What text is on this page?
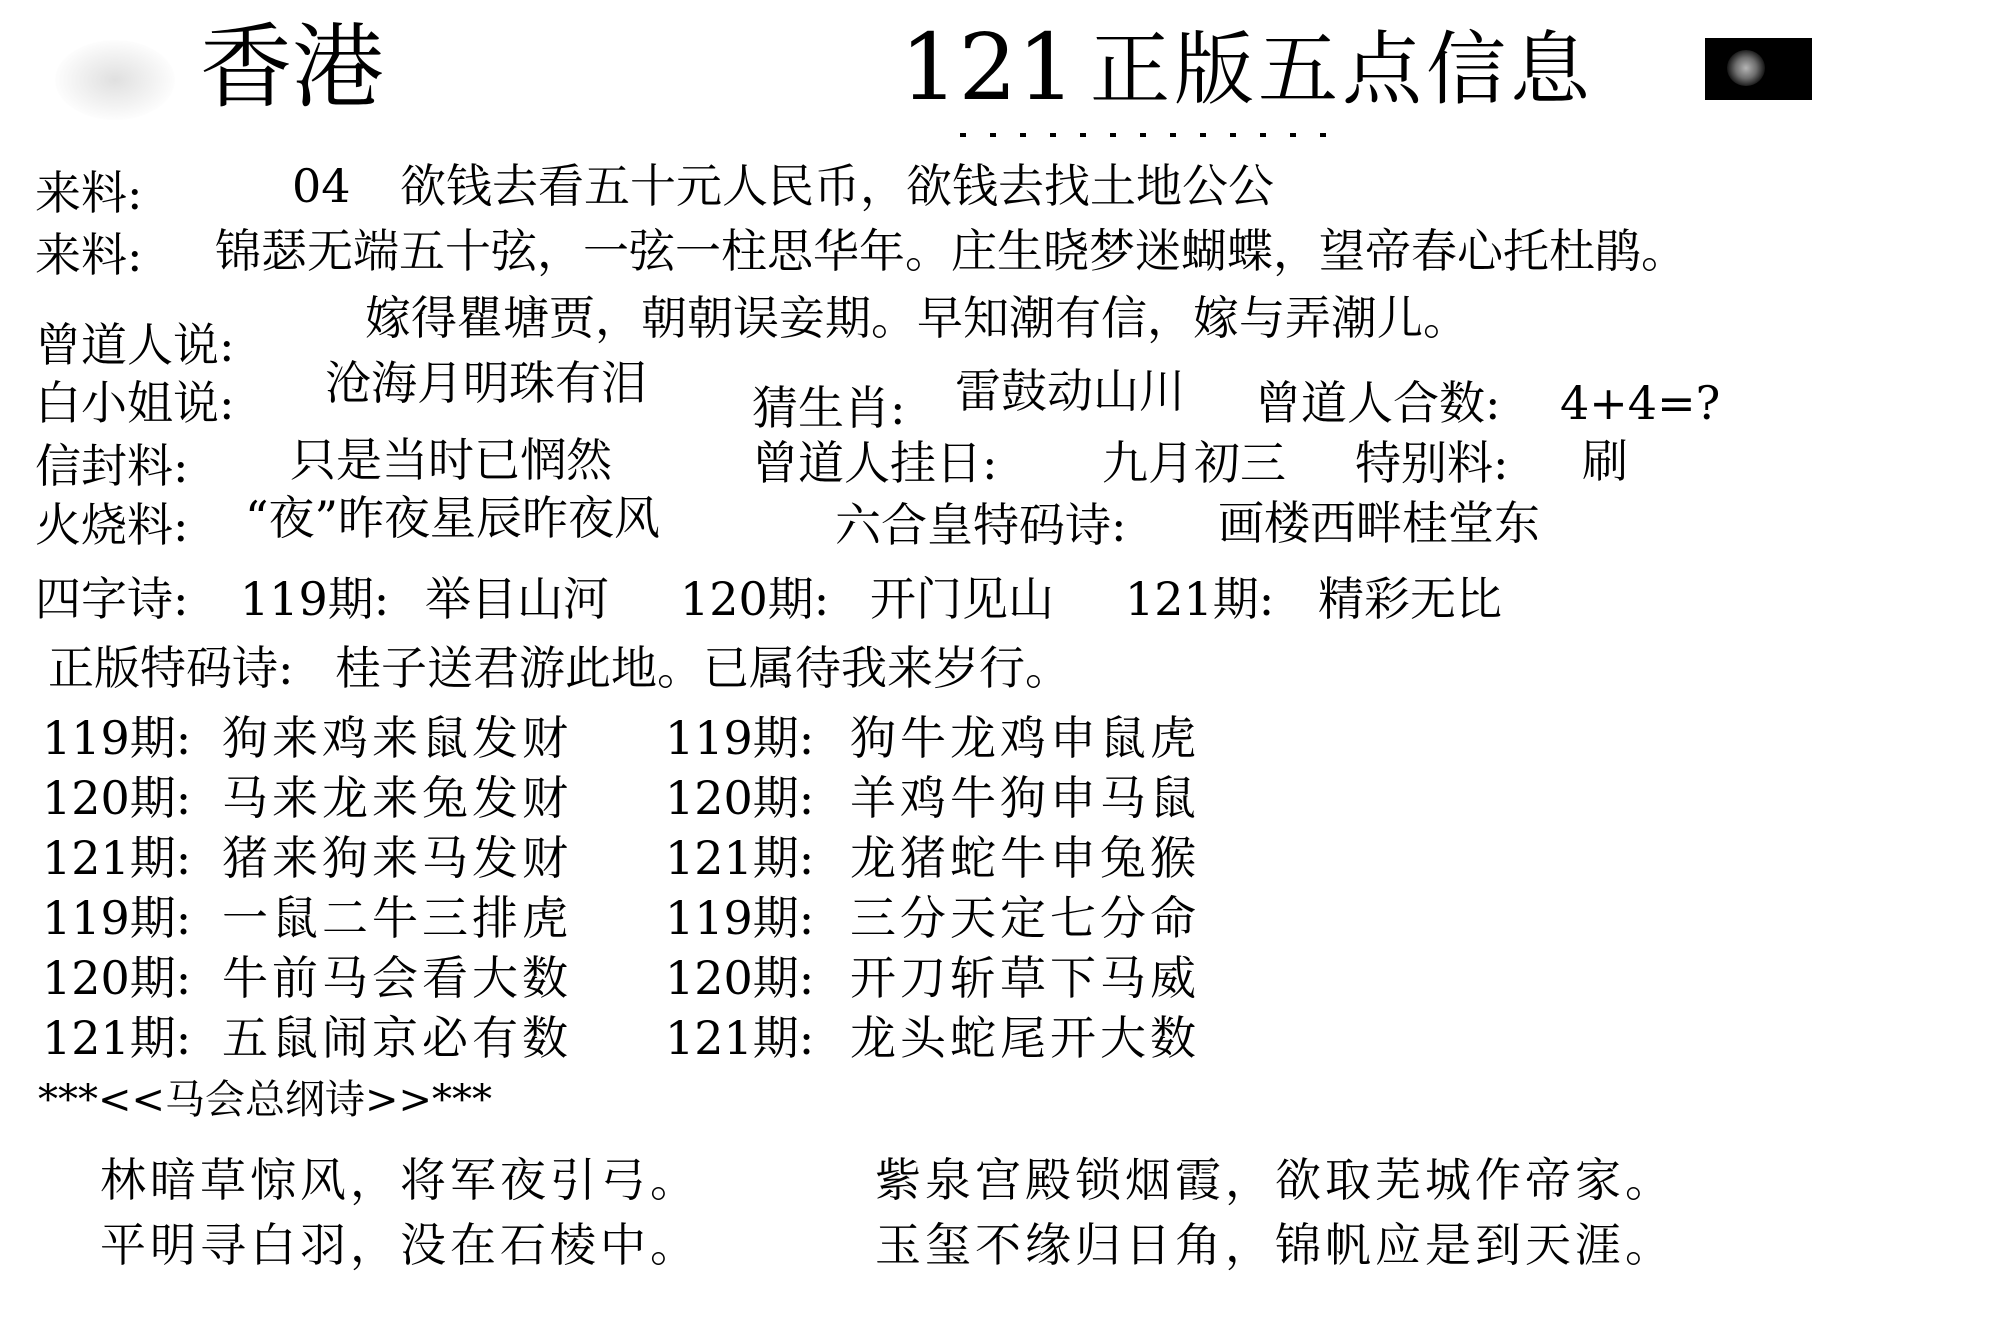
香港	121 正版五点信息
来料:	04 欲钱去看五十元人民币，欲钱去找土地公公
来料: 锦瑟无端五十弦，一弦一柱思华年。庄生晓梦迷蝴蝶，望帝春心托杜鹃。
曾道人说:	嫁得瞿塘贾，朝朝误妾期。早知潮有信，嫁与弄潮儿。
白小姐说: 沧海月明珠有泪 猜生肖: 雷鼓动山川 曾道人合数: 4+4=?
信封料: 只是当时已惘然	曾道人挂日: 九月初三 特别料: 刷
火烧料: “夜”昨夜星辰昨夜风	六合皇特码诗: 画楼西畔桂堂东
四字诗: 119期: 举目山河 120期: 开门见山 121期: 精彩无比
正版特码诗: 桂子送君游此地。已属待我来岁行。
119期: 狗来鸡来鼠发财 119期: 狗牛龙鸡申鼠虎
120期: 马来龙来兔发财 120期: 羊鸡牛狗申马鼠
121期: 猪来狗来马发财 121期: 龙猪蛇牛申兔猴
119期: 一鼠二牛三排虎 119期: 三分天定七分命
120期: 牛前马会看大数 120期: 开刀斩草下马威
121期: 五鼠闹京必有数 121期: 龙头蛇尾开大数
***<<马会总纲诗>>***
林暗草惊风，将军夜引弓。	紫泉宫殿锁烟霞，欲取芜城作帝家。
平明寻白羽，没在石棱中。	玉玺不缘归日角，锦帆应是到天涯。
